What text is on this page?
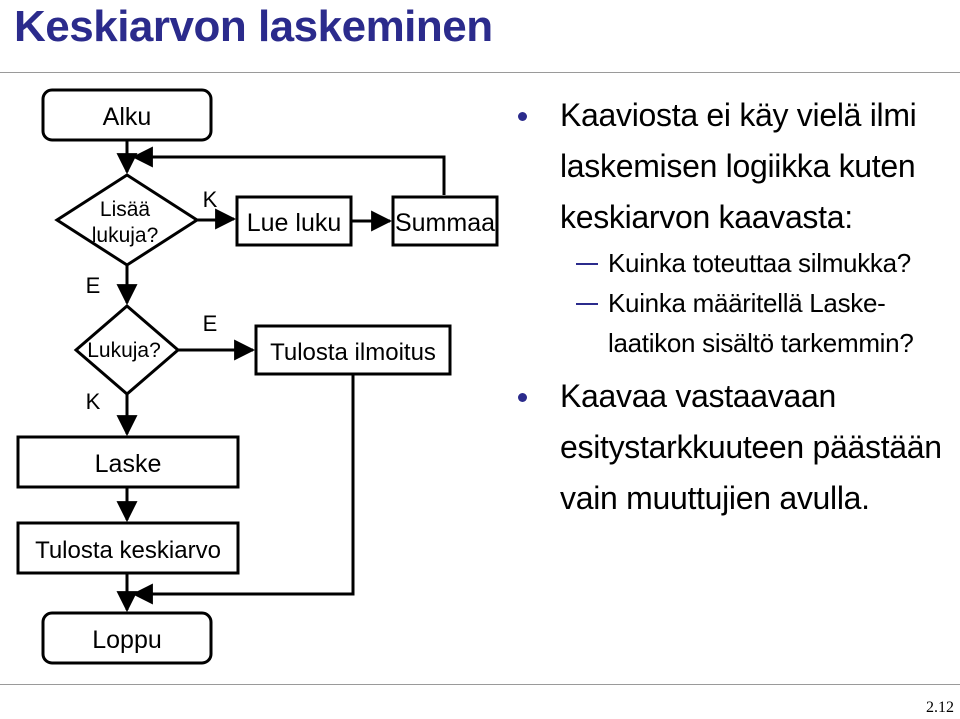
Keskiarvon laskeminen
Alku
Lisää
lukuja?
K
Lue luku Summaa
E
Lukuja?
E
Tulosta ilmoitus
K
Laske
Tulosta keskiarvo
Loppu
Kaaviosta ei käy vielä ilmi laskemisen logiikka kuten keskiarvon kaavasta:
Kuinka toteuttaa silmukka?
Kuinka määritellä Laske-laatikon sisältö tarkemmin?
Kaavaa vastaavaan esitystarkkuuteen päästään vain muuttujien avulla.
2.12
